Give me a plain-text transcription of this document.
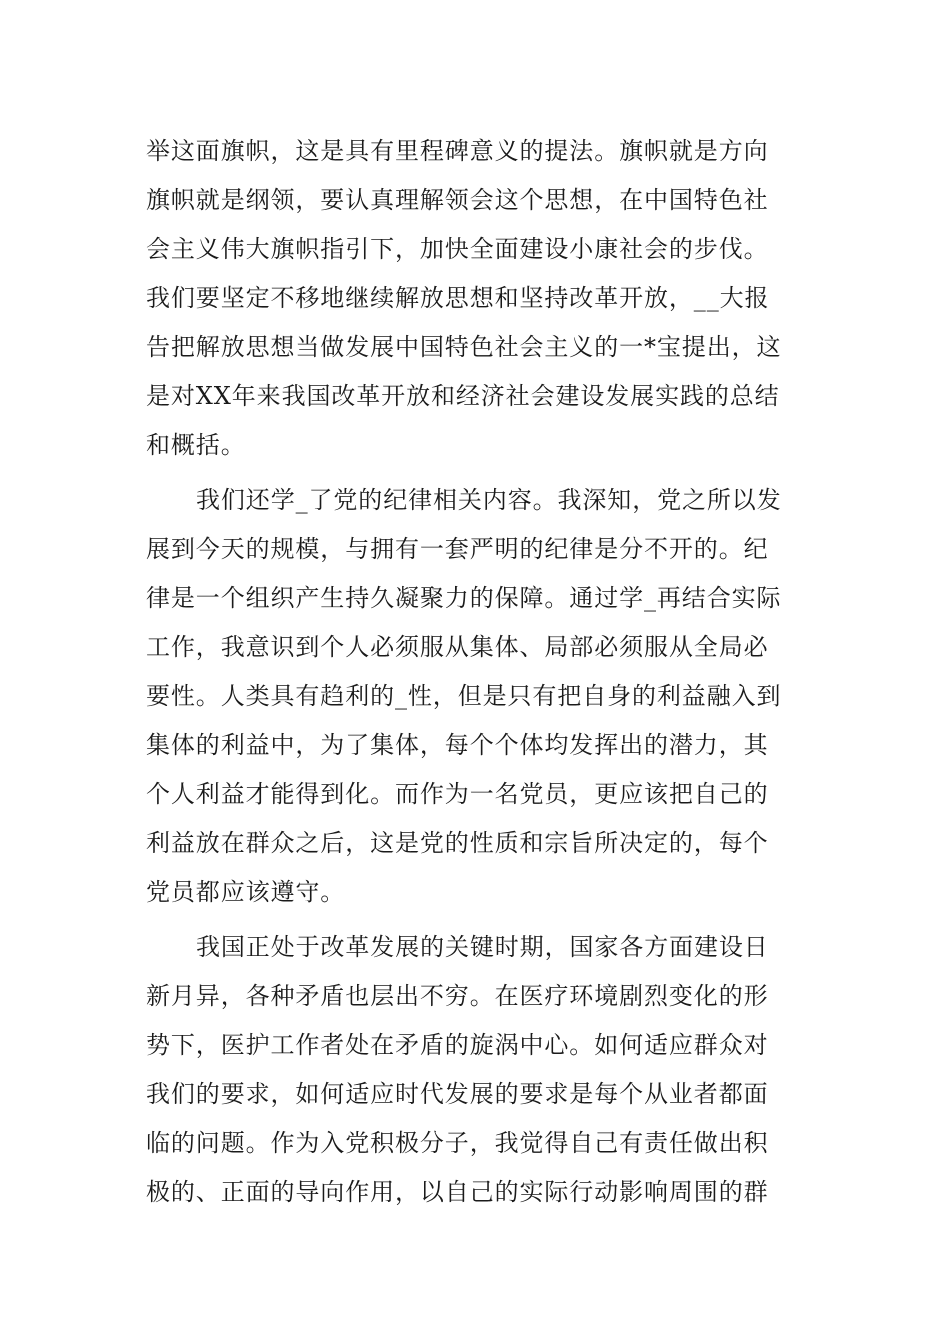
举这面旗帜，这是具有里程碑意义的提法。旗帜就是方向
旗帜就是纲领，要认真理解领会这个思想，在中国特色社
会主义伟大旗帜指引下，加快全面建设小康社会的步伐。
我们要坚定不移地继续解放思想和坚持改革开放，__大报
告把解放思想当做发展中国特色社会主义的一*宝提出，这
是对XX年来我国改革开放和经济社会建设发展实践的总结
和概括。
我们还学_了党的纪律相关内容。我深知，党之所以发
展到今天的规模，与拥有一套严明的纪律是分不开的。纪
律是一个组织产生持久凝聚力的保障。通过学_再结合实际
工作，我意识到个人必须服从集体、局部必须服从全局必
要性。人类具有趋利的_性，但是只有把自身的利益融入到
集体的利益中，为了集体，每个个体均发挥出的潜力，其
个人利益才能得到化。而作为一名党员，更应该把自己的
利益放在群众之后，这是党的性质和宗旨所决定的，每个
党员都应该遵守。
我国正处于改革发展的关键时期，国家各方面建设日
新月异，各种矛盾也层出不穷。在医疗环境剧烈变化的形
势下，医护工作者处在矛盾的旋涡中心。如何适应群众对
我们的要求，如何适应时代发展的要求是每个从业者都面
临的问题。作为入党积极分子，我觉得自己有责任做出积
极的、正面的导向作用，以自己的实际行动影响周围的群
